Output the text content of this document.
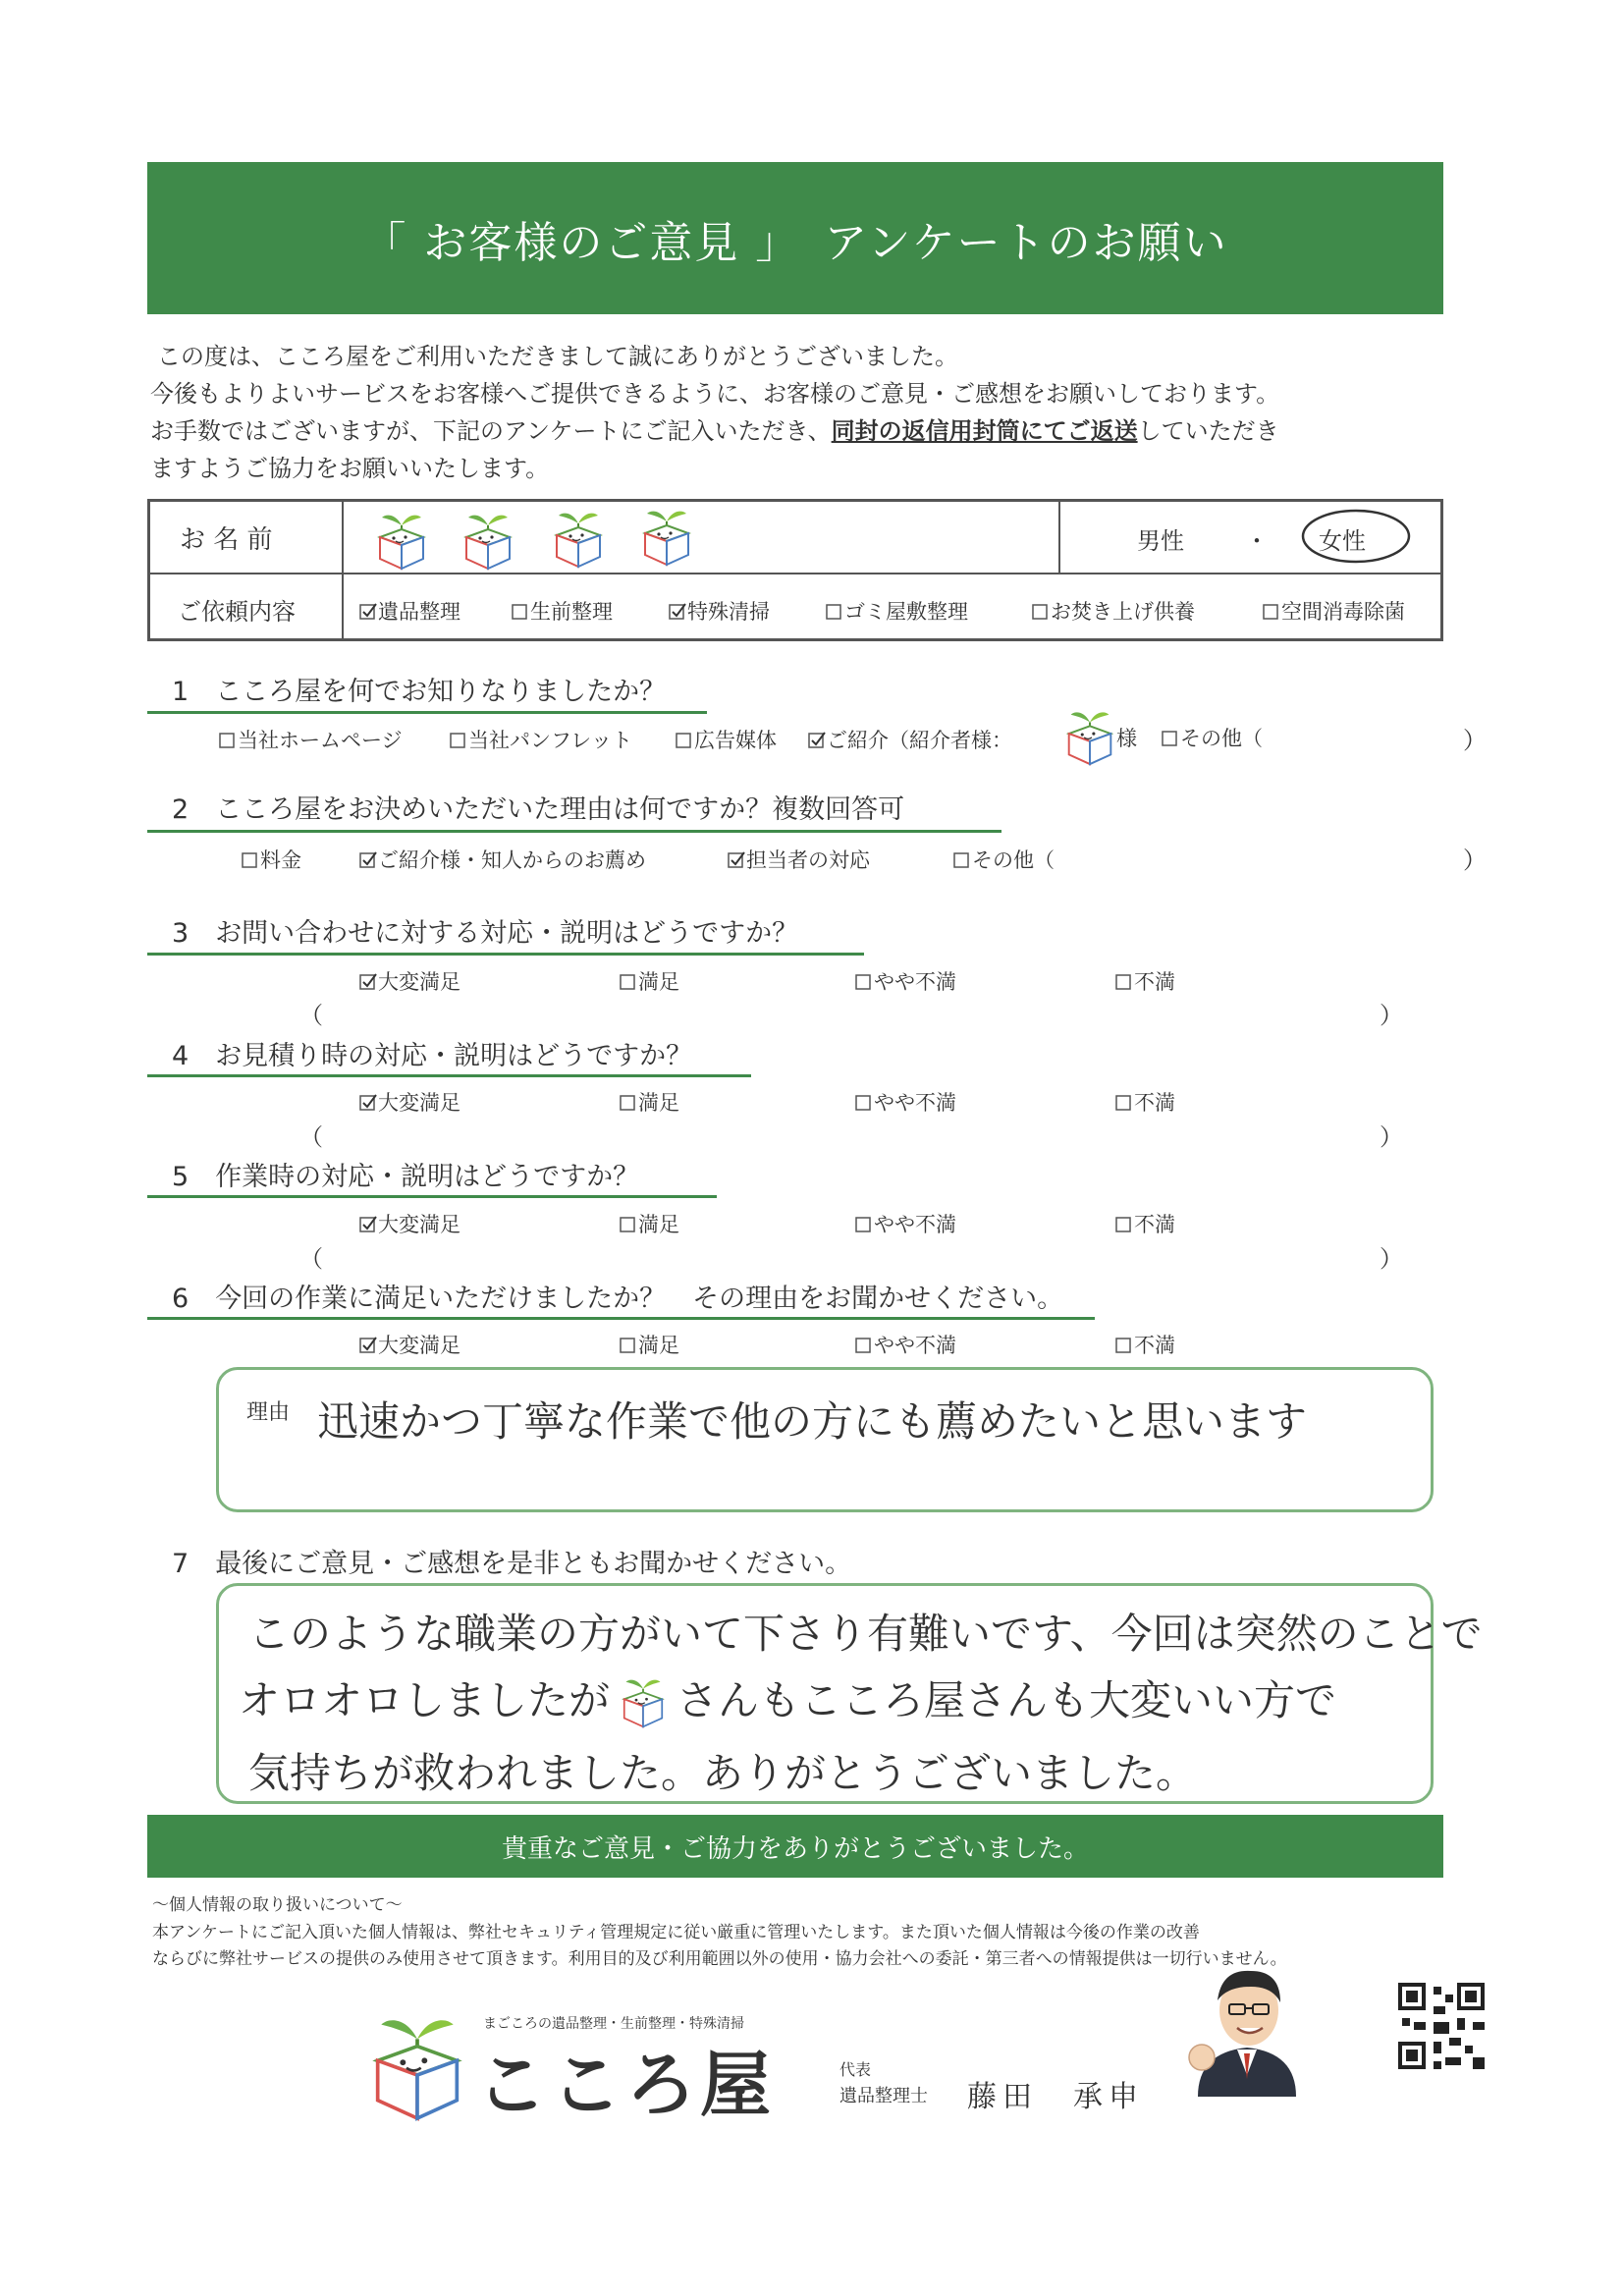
「 お客様のご意見 」　アンケートのお願い
この度は、こころ屋をご利用いただきまして誠にありがとうございました。
今後もよりよいサービスをお客様へご提供できるように、お客様のご意見・ご感想をお願いしております。
お手数ではございますが、下記のアンケートにご記入いただき、同封の返信用封筒にてご返送していただき
ますようご協力をお願いいたします。
お 名 前	男性	・ 女性
ご依頼内容	遺品整理	生前整理	特殊清掃	ゴミ屋敷整理	お焚き上げ供養	空間消毒除菌
1　 こころ屋を何でお知りなりましたか？
当社ホームページ	当社パンフレット	広告媒体	ご紹介（紹介者様：	様	その他（	）
2　 こころ屋をお決めいただいた理由は何ですか？複数回答可
料金	ご紹介様・知人からのお薦め	担当者の対応	その他（	）
3　 お問い合わせに対する対応・説明はどうですか？
大変満足	満足	やや不満	不満
（	）
4　 お見積り時の対応・説明はどうですか？
大変満足	満足	やや不満	不満
（	）
5　 作業時の対応・説明はどうですか？
大変満足	満足	やや不満	不満
（	）
6　 今回の作業に満足いただけましたか？　その理由をお聞かせください。
大変満足	満足	やや不満	不満
理由 迅速かつ丁寧な作業で他の方にも薦めたいと思います
7　 最後にご意見・ご感想を是非ともお聞かせください。
このような職業の方がいて下さり有難いです、今回は突然のことで
オロオロしましたが さんもこころ屋さんも大変いい方で
気持ちが救われました。ありがとうございました。
貴重なご意見・ご協力をありがとうございました。
～個人情報の取り扱いについて～
本アンケートにご記入頂いた個人情報は、弊社セキュリティ管理規定に従い厳重に管理いたします。また頂いた個人情報は今後の作業の改善
ならびに弊社サービスの提供のみ使用させて頂きます。利用目的及び利用範囲以外の使用・協力会社への委託・第三者への情報提供は一切行いません。
まごころの遺品整理・生前整理・特殊清掃
こころ屋	代表
遺品整理士 藤田　承申
